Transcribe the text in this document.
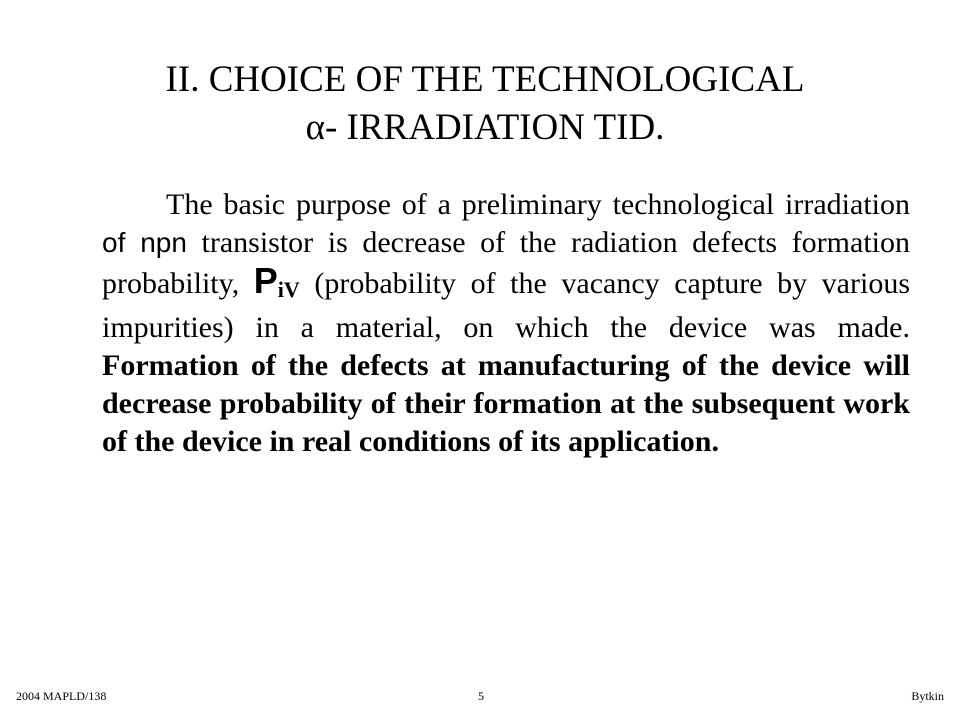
II. CHOICE OF THE TECHNOLOGICAL
α- IRRADIATION TID.
The basic purpose of a preliminary technological irradiation of npn transistor is decrease of the radiation defects formation probability, $P_{iV}$ (probability of the vacancy capture by various impurities) in a material, on which the device was made. Formation of the defects at manufacturing of the device will decrease probability of their formation at the subsequent work of the device in real conditions of its application.
2004 MAPLD/138	5	Bytkin
